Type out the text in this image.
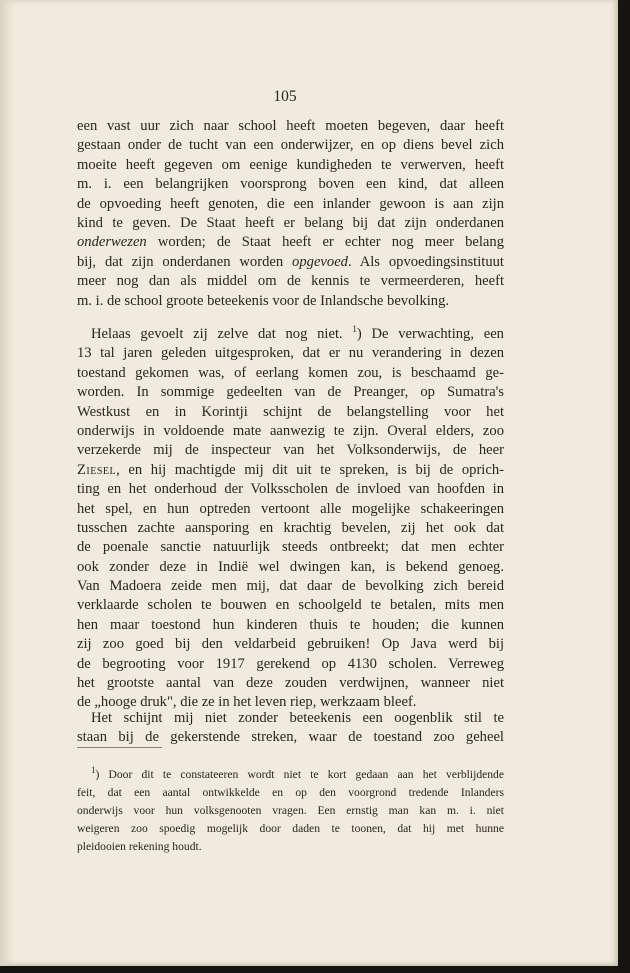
105
een vast uur zich naar school heeft moeten begeven, daar heeft
gestaan onder de tucht van een onderwijzer, en op diens bevel zich
moeite heeft gegeven om eenige kundigheden te verwerven, heeft
m. i. een belangrijken voorsprong boven een kind, dat alleen
de opvoeding heeft genoten, die een inlander gewoon is aan zijn
kind te geven. De Staat heeft er belang bij dat zijn onderdanen
onderwezen worden; de Staat heeft er echter nog meer belang
bij, dat zijn onderdanen worden opgevoed. Als opvoedingsinstituut
meer nog dan als middel om de kennis te vermeerderen, heeft
m. i. de school groote beteekenis voor de Inlandsche bevolking.
Helaas gevoelt zij zelve dat nog niet. $^1$) De verwachting, een
13 tal jaren geleden uitgesproken, dat er nu verandering in dezen
toestand gekomen was, of eerlang komen zou, is beschaamd ge-
worden. In sommige gedeelten van de Preanger, op Sumatra's
Westkust en in Korintji schijnt de belangstelling voor het
onderwijs in voldoende mate aanwezig te zijn. Overal elders, zoo
verzekerde mij de inspecteur van het Volksonderwijs, de heer
Ziesel, en hij machtigde mij dit uit te spreken, is bij de oprich-
ting en het onderhoud der Volksscholen de invloed van hoofden in
het spel, en hun optreden vertoont alle mogelijke schakeeringen
tusschen zachte aansporing en krachtig bevelen, zij het ook dat
de poenale sanctie natuurlijk steeds ontbreekt; dat men echter
ook zonder deze in Indië wel dwingen kan, is bekend genoeg.
Van Madoera zeide men mij, dat daar de bevolking zich bereid
verklaarde scholen te bouwen en schoolgeld te betalen, mits men
hen maar toestond hun kinderen thuis te houden; die kunnen
zij zoo goed bij den veldarbeid gebruiken! Op Java werd bij
de begrooting voor 1917 gerekend op 4130 scholen. Verreweg
het grootste aantal van deze zouden verdwijnen, wanneer niet
de „hooge druk", die ze in het leven riep, werkzaam bleef.
Het schijnt mij niet zonder beteekenis een oogenblik stil te
staan bij de gekerstende streken, waar de toestand zoo geheel
$^1$) Door dit te constateeren wordt niet te kort gedaan aan het verblijdende
feit, dat een aantal ontwikkelde en op den voorgrond tredende Inlanders
onderwijs voor hun volksgenooten vragen. Een ernstig man kan m. i. niet
weigeren zoo spoedig mogelijk door daden te toonen, dat hij met hunne
pleidooien rekening houdt.
